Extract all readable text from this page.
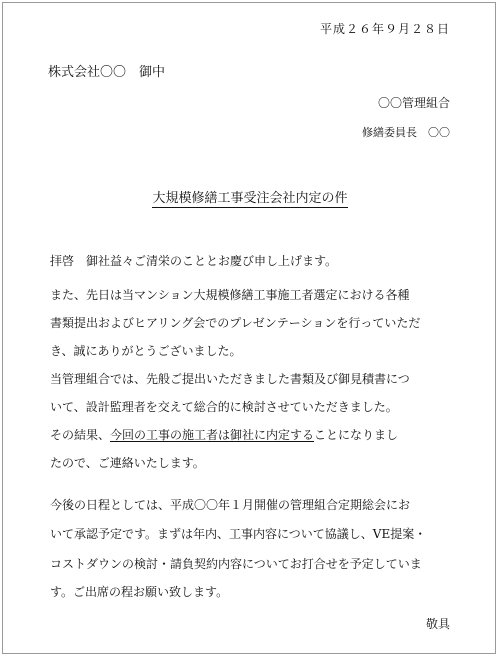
平成２６年９月２８日
株式会社〇〇　御中
〇〇管理組合
修繕委員長　〇〇
大規模修繕工事受注会社内定の件
拝啓　御社益々ご清栄のこととお慶び申し上げます。
また、先日は当マンション大規模修繕工事施工者選定における各種
書類提出およびヒアリング会でのプレゼンテーションを行っていただ
き、誠にありがとうございました。
当管理組合では、先般ご提出いただきました書類及び御見積書につ
いて、設計監理者を交えて総合的に検討させていただきました。
その結果、今回の工事の施工者は御社に内定することになりまし
たので、ご連絡いたします。
今後の日程としては、平成〇〇年１月開催の管理組合定期総会にお
いて承認予定です。まずは年内、工事内容について協議し、VE提案・
コストダウンの検討・請負契約内容についてお打合せを予定していま
す。ご出席の程お願い致します。
敬具
